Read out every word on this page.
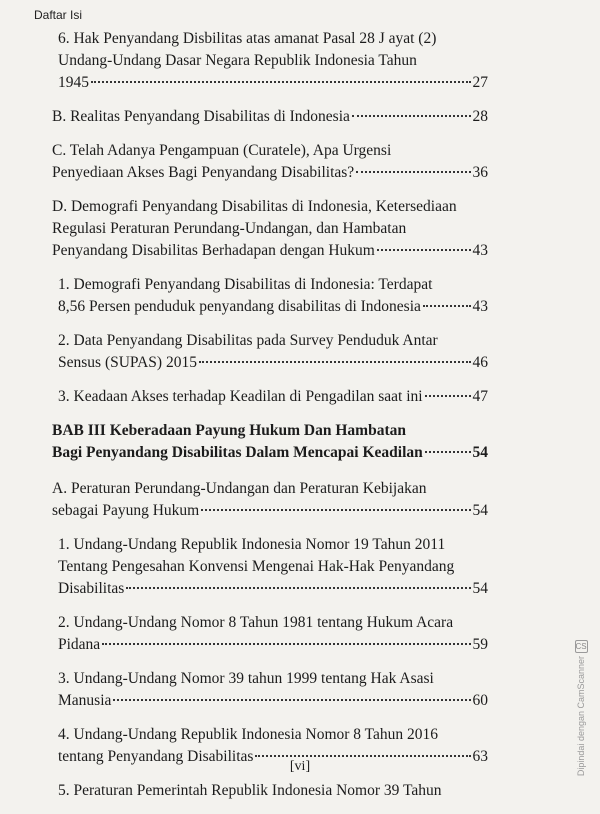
Daftar Isi
6. Hak Penyandang Disbilitas atas amanat Pasal 28 J ayat (2)
Undang-Undang Dasar Negara Republik Indonesia Tahun
1945	27
B. Realitas Penyandang Disabilitas di Indonesia	28
C. Telah Adanya Pengampuan (Curatele), Apa Urgensi
Penyediaan Akses Bagi Penyandang Disabilitas?	36
D. Demografi Penyandang Disabilitas di Indonesia, Ketersediaan
Regulasi Peraturan Perundang-Undangan, dan Hambatan
Penyandang Disabilitas Berhadapan dengan Hukum	43
1. Demografi Penyandang Disabilitas di Indonesia: Terdapat
8,56 Persen penduduk penyandang disabilitas di Indonesia	43
2. Data Penyandang Disabilitas pada Survey Penduduk Antar
Sensus (SUPAS) 2015	46
3. Keadaan Akses terhadap Keadilan di Pengadilan saat ini	47
BAB III Keberadaan Payung Hukum Dan Hambatan
Bagi Penyandang Disabilitas Dalam Mencapai Keadilan	54
A. Peraturan Perundang-Undangan dan Peraturan Kebijakan
sebagai Payung Hukum	54
1. Undang-Undang Republik Indonesia Nomor 19 Tahun 2011
Tentang Pengesahan Konvensi Mengenai Hak-Hak Penyandang
Disabilitas	54
2. Undang-Undang Nomor 8 Tahun 1981 tentang Hukum Acara
Pidana	59
3. Undang-Undang Nomor 39 tahun 1999 tentang Hak Asasi
Manusia	60
4. Undang-Undang Republik Indonesia Nomor 8 Tahun 2016
tentang Penyandang Disabilitas	63
5. Peraturan Pemerintah Republik Indonesia Nomor 39 Tahun
[vi]
CS
Dipindai dengan CamScanner
